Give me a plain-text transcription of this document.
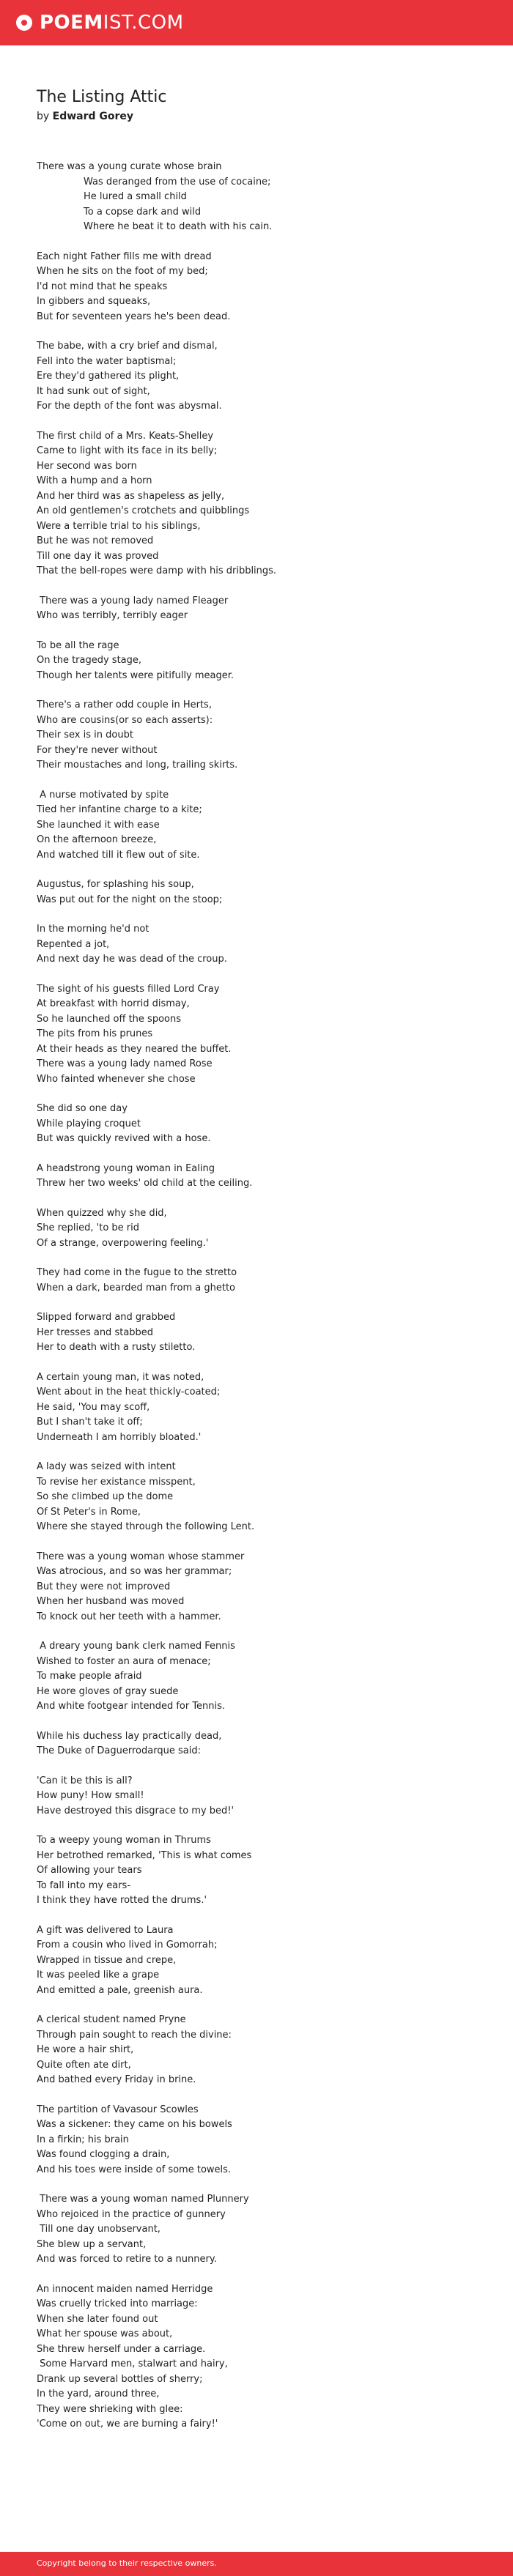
POEM IST.COM
The Listing Attic
by Edward Gorey
There was a young curate whose brain
Was deranged from the use of cocaine;
He lured a small child
To a copse dark and wild
Where he beat it to death with his cain.
Each night Father fills me with dread
When he sits on the foot of my bed;
I'd not mind that he speaks
In gibbers and squeaks,
But for seventeen years he's been dead.
The babe, with a cry brief and dismal,
Fell into the water baptismal;
Ere they'd gathered its plight,
It had sunk out of sight,
For the depth of the font was abysmal.
The first child of a Mrs. Keats-Shelley
Came to light with its face in its belly;
Her second was born
With a hump and a horn
And her third was as shapeless as jelly,
An old gentlemen's crotchets and quibblings
Were a terrible trial to his siblings,
But he was not removed
Till one day it was proved
That the bell-ropes were damp with his dribblings.
There was a young lady named Fleager
Who was terribly, terribly eager
To be all the rage
On the tragedy stage,
Though her talents were pitifully meager.
There's a rather odd couple in Herts,
Who are cousins(or so each asserts):
Their sex is in doubt
For they're never without
Their moustaches and long, trailing skirts.
A nurse motivated by spite
Tied her infantine charge to a kite;
She launched it with ease
On the afternoon breeze,
And watched till it flew out of site.
Augustus, for splashing his soup,
Was put out for the night on the stoop;
In the morning he'd not
Repented a jot,
And next day he was dead of the croup.
The sight of his guests filled Lord Cray
At breakfast with horrid dismay,
So he launched off the spoons
The pits from his prunes
At their heads as they neared the buffet.
There was a young lady named Rose
Who fainted whenever she chose
She did so one day
While playing croquet
But was quickly revived with a hose.
A headstrong young woman in Ealing
Threw her two weeks' old child at the ceiling.
When quizzed why she did,
She replied, 'to be rid
Of a strange, overpowering feeling.'
They had come in the fugue to the stretto
When a dark, bearded man from a ghetto
Slipped forward and grabbed
Her tresses and stabbed
Her to death with a rusty stiletto.
A certain young man, it was noted,
Went about in the heat thickly-coated;
He said, 'You may scoff,
But I shan't take it off;
Underneath I am horribly bloated.'
A lady was seized with intent
To revise her existance misspent,
So she climbed up the dome
Of St Peter's in Rome,
Where she stayed through the following Lent.
There was a young woman whose stammer
Was atrocious, and so was her grammar;
But they were not improved
When her husband was moved
To knock out her teeth with a hammer.
A dreary young bank clerk named Fennis
Wished to foster an aura of menace;
To make people afraid
He wore gloves of gray suede
And white footgear intended for Tennis.
While his duchess lay practically dead,
The Duke of Daguerrodarque said:
'Can it be this is all?
How puny! How small!
Have destroyed this disgrace to my bed!'
To a weepy young woman in Thrums
Her betrothed remarked, 'This is what comes
Of allowing your tears
To fall into my ears-
I think they have rotted the drums.'
A gift was delivered to Laura
From a cousin who lived in Gomorrah;
Wrapped in tissue and crepe,
It was peeled like a grape
And emitted a pale, greenish aura.
A clerical student named Pryne
Through pain sought to reach the divine:
He wore a hair shirt,
Quite often ate dirt,
And bathed every Friday in brine.
The partition of Vavasour Scowles
Was a sickener: they came on his bowels
In a firkin; his brain
Was found clogging a drain,
And his toes were inside of some towels.
There was a young woman named Plunnery
Who rejoiced in the practice of gunnery
Till one day unobservant,
She blew up a servant,
And was forced to retire to a nunnery.
An innocent maiden named Herridge
Was cruelly tricked into marriage:
When she later found out
What her spouse was about,
She threw herself under a carriage.
Some Harvard men, stalwart and hairy,
Drank up several bottles of sherry;
In the yard, around three,
They were shrieking with glee:
'Come on out, we are burning a fairy!'
Copyright belong to their respective owners.
